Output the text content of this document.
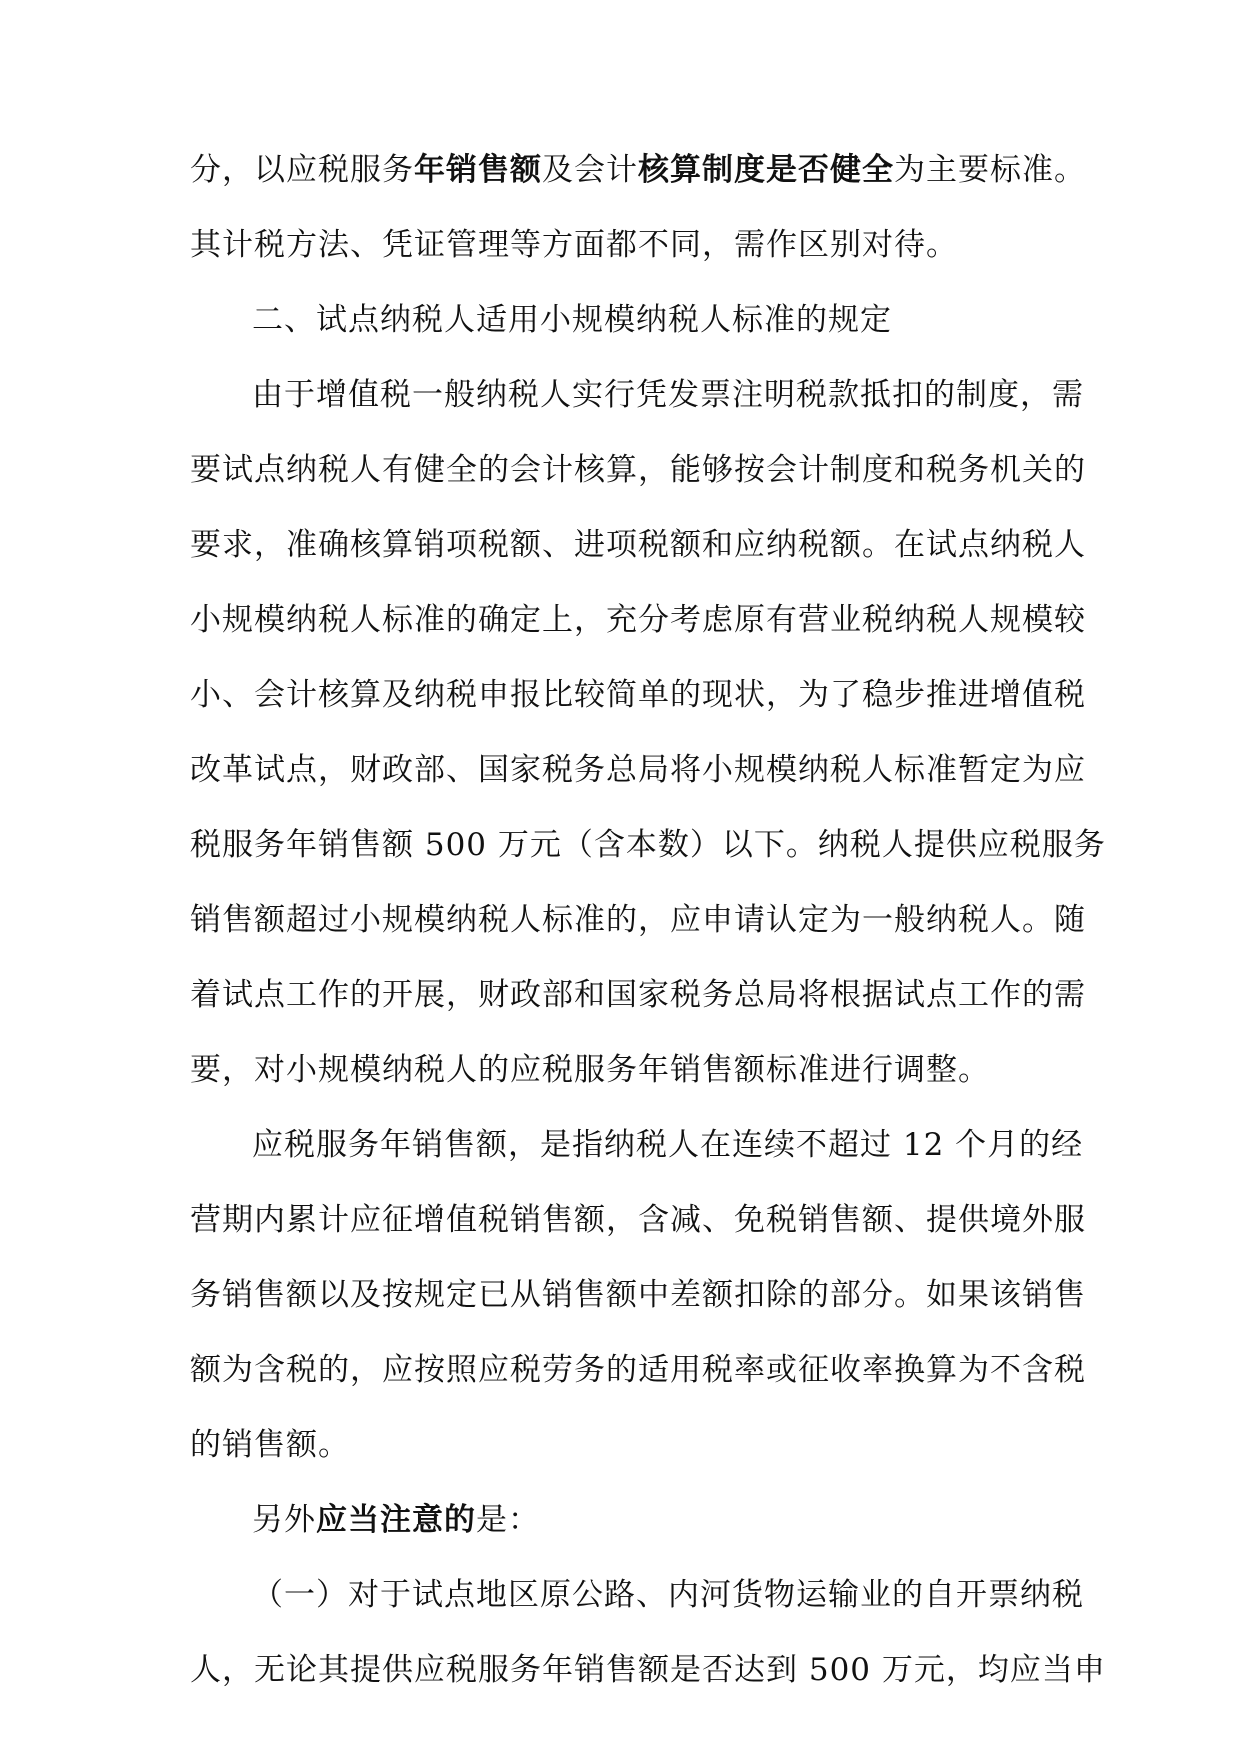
分，以应税服务年销售额及会计核算制度是否健全为主要标准。
其计税方法、凭证管理等方面都不同，需作区别对待。
二、试点纳税人适用小规模纳税人标准的规定
由于增值税一般纳税人实行凭发票注明税款抵扣的制度，需
要试点纳税人有健全的会计核算，能够按会计制度和税务机关的
要求，准确核算销项税额、进项税额和应纳税额。在试点纳税人
小规模纳税人标准的确定上，充分考虑原有营业税纳税人规模较
小、会计核算及纳税申报比较简单的现状，为了稳步推进增值税
改革试点，财政部、国家税务总局将小规模纳税人标准暂定为应
税服务年销售额 500 万元（含本数）以下。纳税人提供应税服务
销售额超过小规模纳税人标准的，应申请认定为一般纳税人。随
着试点工作的开展，财政部和国家税务总局将根据试点工作的需
要，对小规模纳税人的应税服务年销售额标准进行调整。
应税服务年销售额，是指纳税人在连续不超过 12 个月的经
营期内累计应征增值税销售额，含减、免税销售额、提供境外服
务销售额以及按规定已从销售额中差额扣除的部分。如果该销售
额为含税的，应按照应税劳务的适用税率或征收率换算为不含税
的销售额。
另外应当注意的是：
（一）对于试点地区原公路、内河货物运输业的自开票纳税
人，无论其提供应税服务年销售额是否达到 500 万元，均应当申
